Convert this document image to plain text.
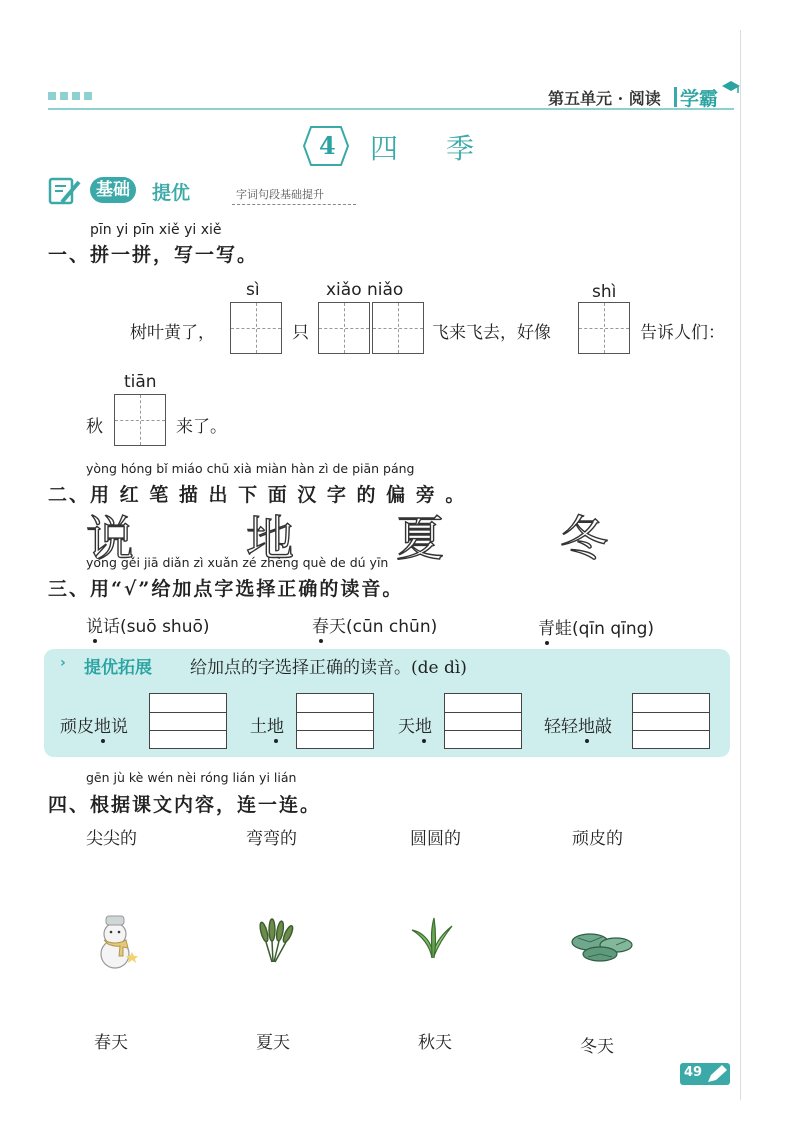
第五单元 · 阅读 学霸
4 四季
基础	提优	字词句段基础提升
pīn yi pīn xiě yi xiě
一、拼一拼，写一写。
sì	xiǎo niǎo	shì
树叶黄了，	只	飞来飞去，好像	告诉人们：
tiān
秋	来了。
yòng hóng bǐ miáo chū xià miàn hàn zì de piān páng
二、用 红 笔 描 出 下 面 汉 字 的 偏 旁 。
说 地 夏 冬
yòng gěi jiā diǎn zì xuǎn zé zhèng què de dú yīn
三、用“√”给加点字选择正确的读音。
说话(suō shuō)	春天(cūn chūn)	青蛙(qīn qīng)
› 提优拓展 给加点的字选择正确的读音。(de dì)
顽皮地说	土地	天地	轻轻地敲
gēn jù kè wén nèi róng lián yi lián
四、根据课文内容，连一连。
尖尖的	弯弯的	圆圆的	顽皮的
春天	夏天	秋天	冬天
49
